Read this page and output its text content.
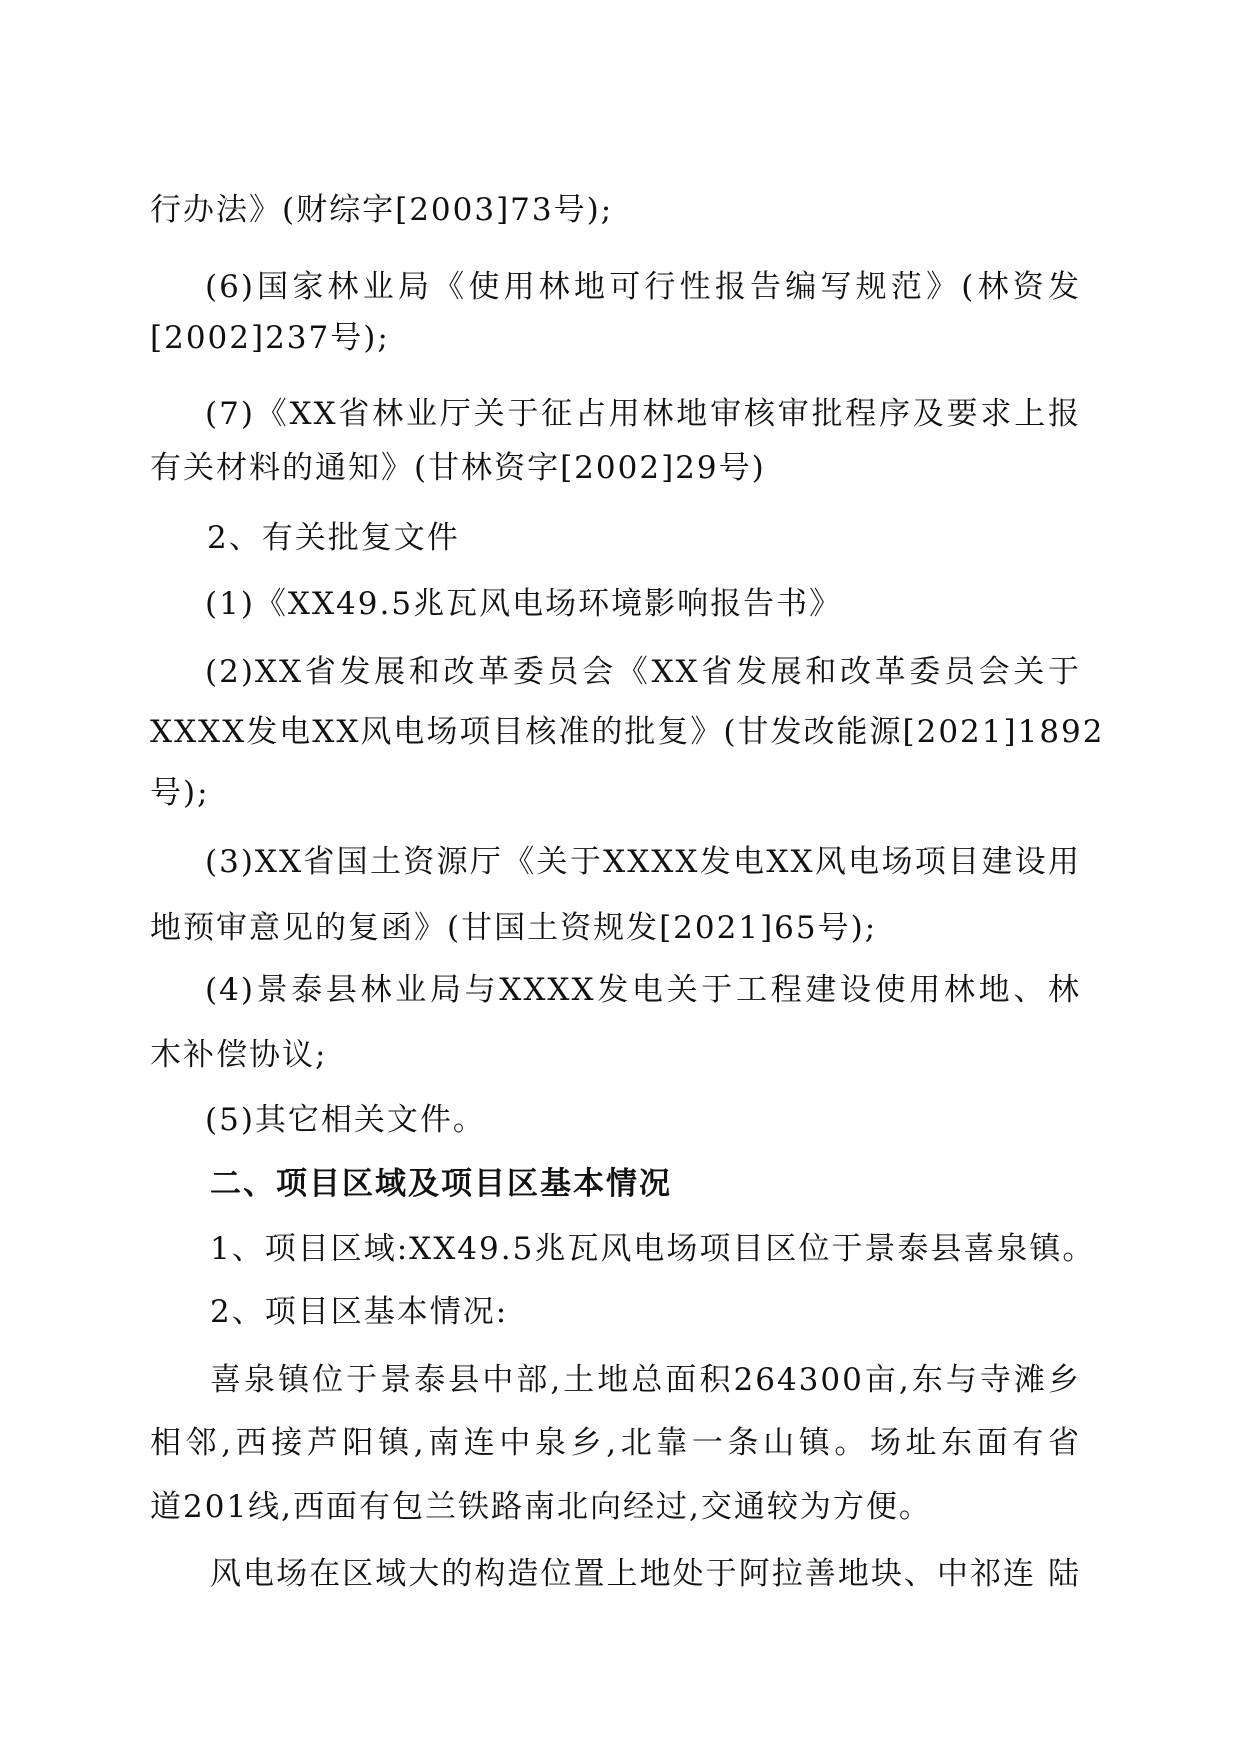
行办法》(财综字[2003]73号);
(6)国家林业局《使用林地可行性报告编写规范》(林资发
[2002]237号);
(7)《XX省林业厅关于征占用林地审核审批程序及要求上报
有关材料的通知》(甘林资字[2002]29号)
2、有关批复文件
(1)《XX49.5兆瓦风电场环境影响报告书》
(2)XX省发展和改革委员会《XX省发展和改革委员会关于
XXXX发电XX风电场项目核准的批复》(甘发改能源[2021]1892
号);
(3)XX省国土资源厅《关于XXXX发电XX风电场项目建设用
地预审意见的复函》(甘国土资规发[2021]65号);
(4)景泰县林业局与XXXX发电关于工程建设使用林地、林
木补偿协议;
(5)其它相关文件。
二、项目区域及项目区基本情况
1、项目区域:XX49.5兆瓦风电场项目区位于景泰县喜泉镇。
2、项目区基本情况:
喜泉镇位于景泰县中部,土地总面积264300亩,东与寺滩乡
相邻,西接芦阳镇,南连中泉乡,北靠一条山镇。场址东面有省
道201线,西面有包兰铁路南北向经过,交通较为方便。
风电场在区域大的构造位置上地处于阿拉善地块、中祁连 陆
